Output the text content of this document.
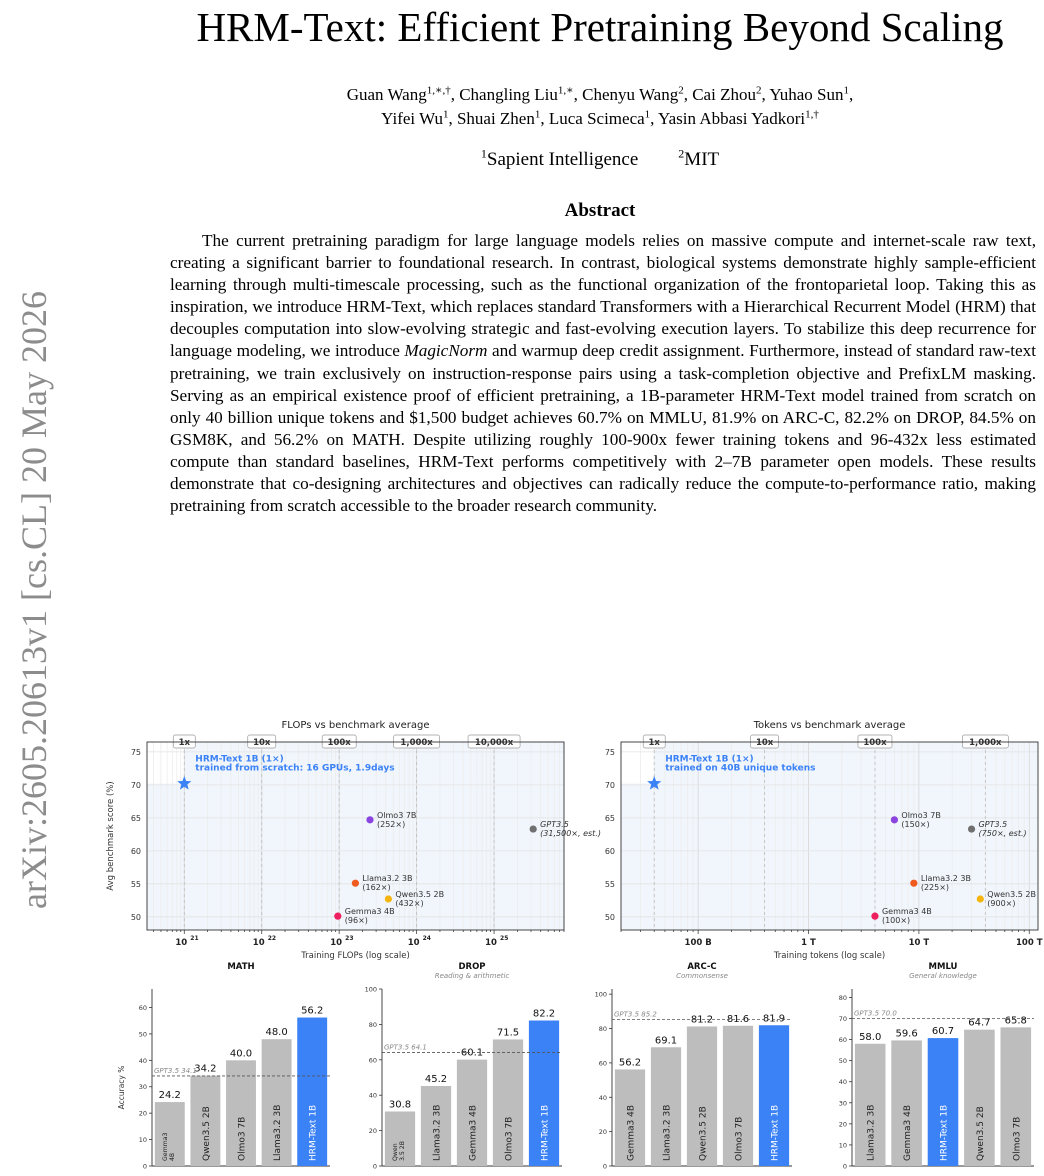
arXiv:2605.20613v1 [cs.CL] 20 May 2026
HRM-Text: Efficient Pretraining Beyond Scaling
Guan Wang$^{1,∗,\dagger}$, Changling Liu$^{1,∗}$, Chenyu Wang$^2$, Cai Zhou$^2$, Yuhao Sun$^1$,
Yifei Wu$^1$, Shuai Zhen$^1$, Luca Scimeca$^1$, Yasin Abbasi Yadkori$^{1,\dagger}$
$^1$Sapient Intelligence	$^2$MIT
Abstract

The current pretraining paradigm for large language models relies on massive compute and internet-scale raw text, creating a significant barrier to foundational research. In contrast, biological systems demonstrate highly sample-efficient learning through multi-timescale processing, such as the functional organization of the frontoparietal loop. Taking this as inspiration, we introduce HRM-Text, which replaces standard Transformers with a Hierarchical Recurrent Model (HRM) that decouples computation into slow-evolving strategic and fast-evolving execution layers. To stabilize this deep recurrence for language modeling, we introduce MagicNorm and warmup deep credit assignment. Furthermore, instead of standard raw-text pretraining, we train exclusively on instruction-response pairs using a task-completion objective and PrefixLM masking. Serving as an empirical existence proof of efficient pretraining, a 1B-parameter HRM-Text model trained from scratch on only 40 billion unique tokens and $1,500 budget achieves 60.7% on MMLU, 81.9% on ARC-C, 82.2% on DROP, 84.5% on GSM8K, and 56.2% on MATH. Despite utilizing roughly 100-900x fewer training tokens and 96-432x less estimated compute than standard baselines, HRM-Text performs competitively with 2–7B parameter open models. These results demonstrate that co-designing architectures and objectives can radically reduce the compute-to-performance ratio, making pretraining from scratch accessible to the broader research community.

50
55
60
65
70
75
1x	10x	100x	1,000x	10,000x
10 21	10 22	10 23	10 24	10 25
FLOPs vs benchmark average
Training FLOPs (log scale)
Avg benchmark score (%)
HRM-Text 1B (1×)
trained from scratch: 16 GPUs, 1.9days
Olmo3 7B
(252×)	GPT3.5
(31,500×, est.)
Llama3.2 3B
(162×)
Qwen3.5 2B
(432×)
Gemma3 4B
(96×)	50
55
60
65
70
75
1x	10x	100x	1,000x
100 B	1 T	10 T	100 T
Tokens vs benchmark average
Training tokens (log scale)
HRM-Text 1B (1×)
trained on 40B unique tokens
Olmo3 7B
(150×)	GPT3.5
(750×, est.)
Llama3.2 3B
(225×)
Qwen3.5 2B
(900×)
Gemma3 4B
(100×)
0
10
20
30
40
50
60
MATH
Accuracy %	24.2
Gemma3 4B
34.2
Qwen3.5 2B
40.0
Olmo3 7B
48.0
Llama3.2 3B
56.2
HRM-Text 1B
GPT3.5 34.1
0
20
40
60
80
100
DROP
Reading & arithmetic
30.8
Qwen 3.5 2B
45.2
Llama3.2 3B
60.1
Gemma3 4B
71.5
Olmo3 7B
82.2
HRM-Text 1B
GPT3.5 64.1
0
20
40
60
80
100
ARC-C
Commonsense
56.2
Gemma3 4B
69.1
Llama3.2 3B
81.2
Qwen3.5 2B
81.6
Olmo3 7B
81.9
HRM-Text 1B
GPT3.5 85.2
0
10
20
30
40
50
60
70
80
MMLU
General knowledge
58.0
Llama3.2 3B
59.6
Gemma3 4B
60.7
HRM-Text 1B
64.7
Qwen3.5 2B
65.8
Olmo3 7B
GPT3.5 70.0
